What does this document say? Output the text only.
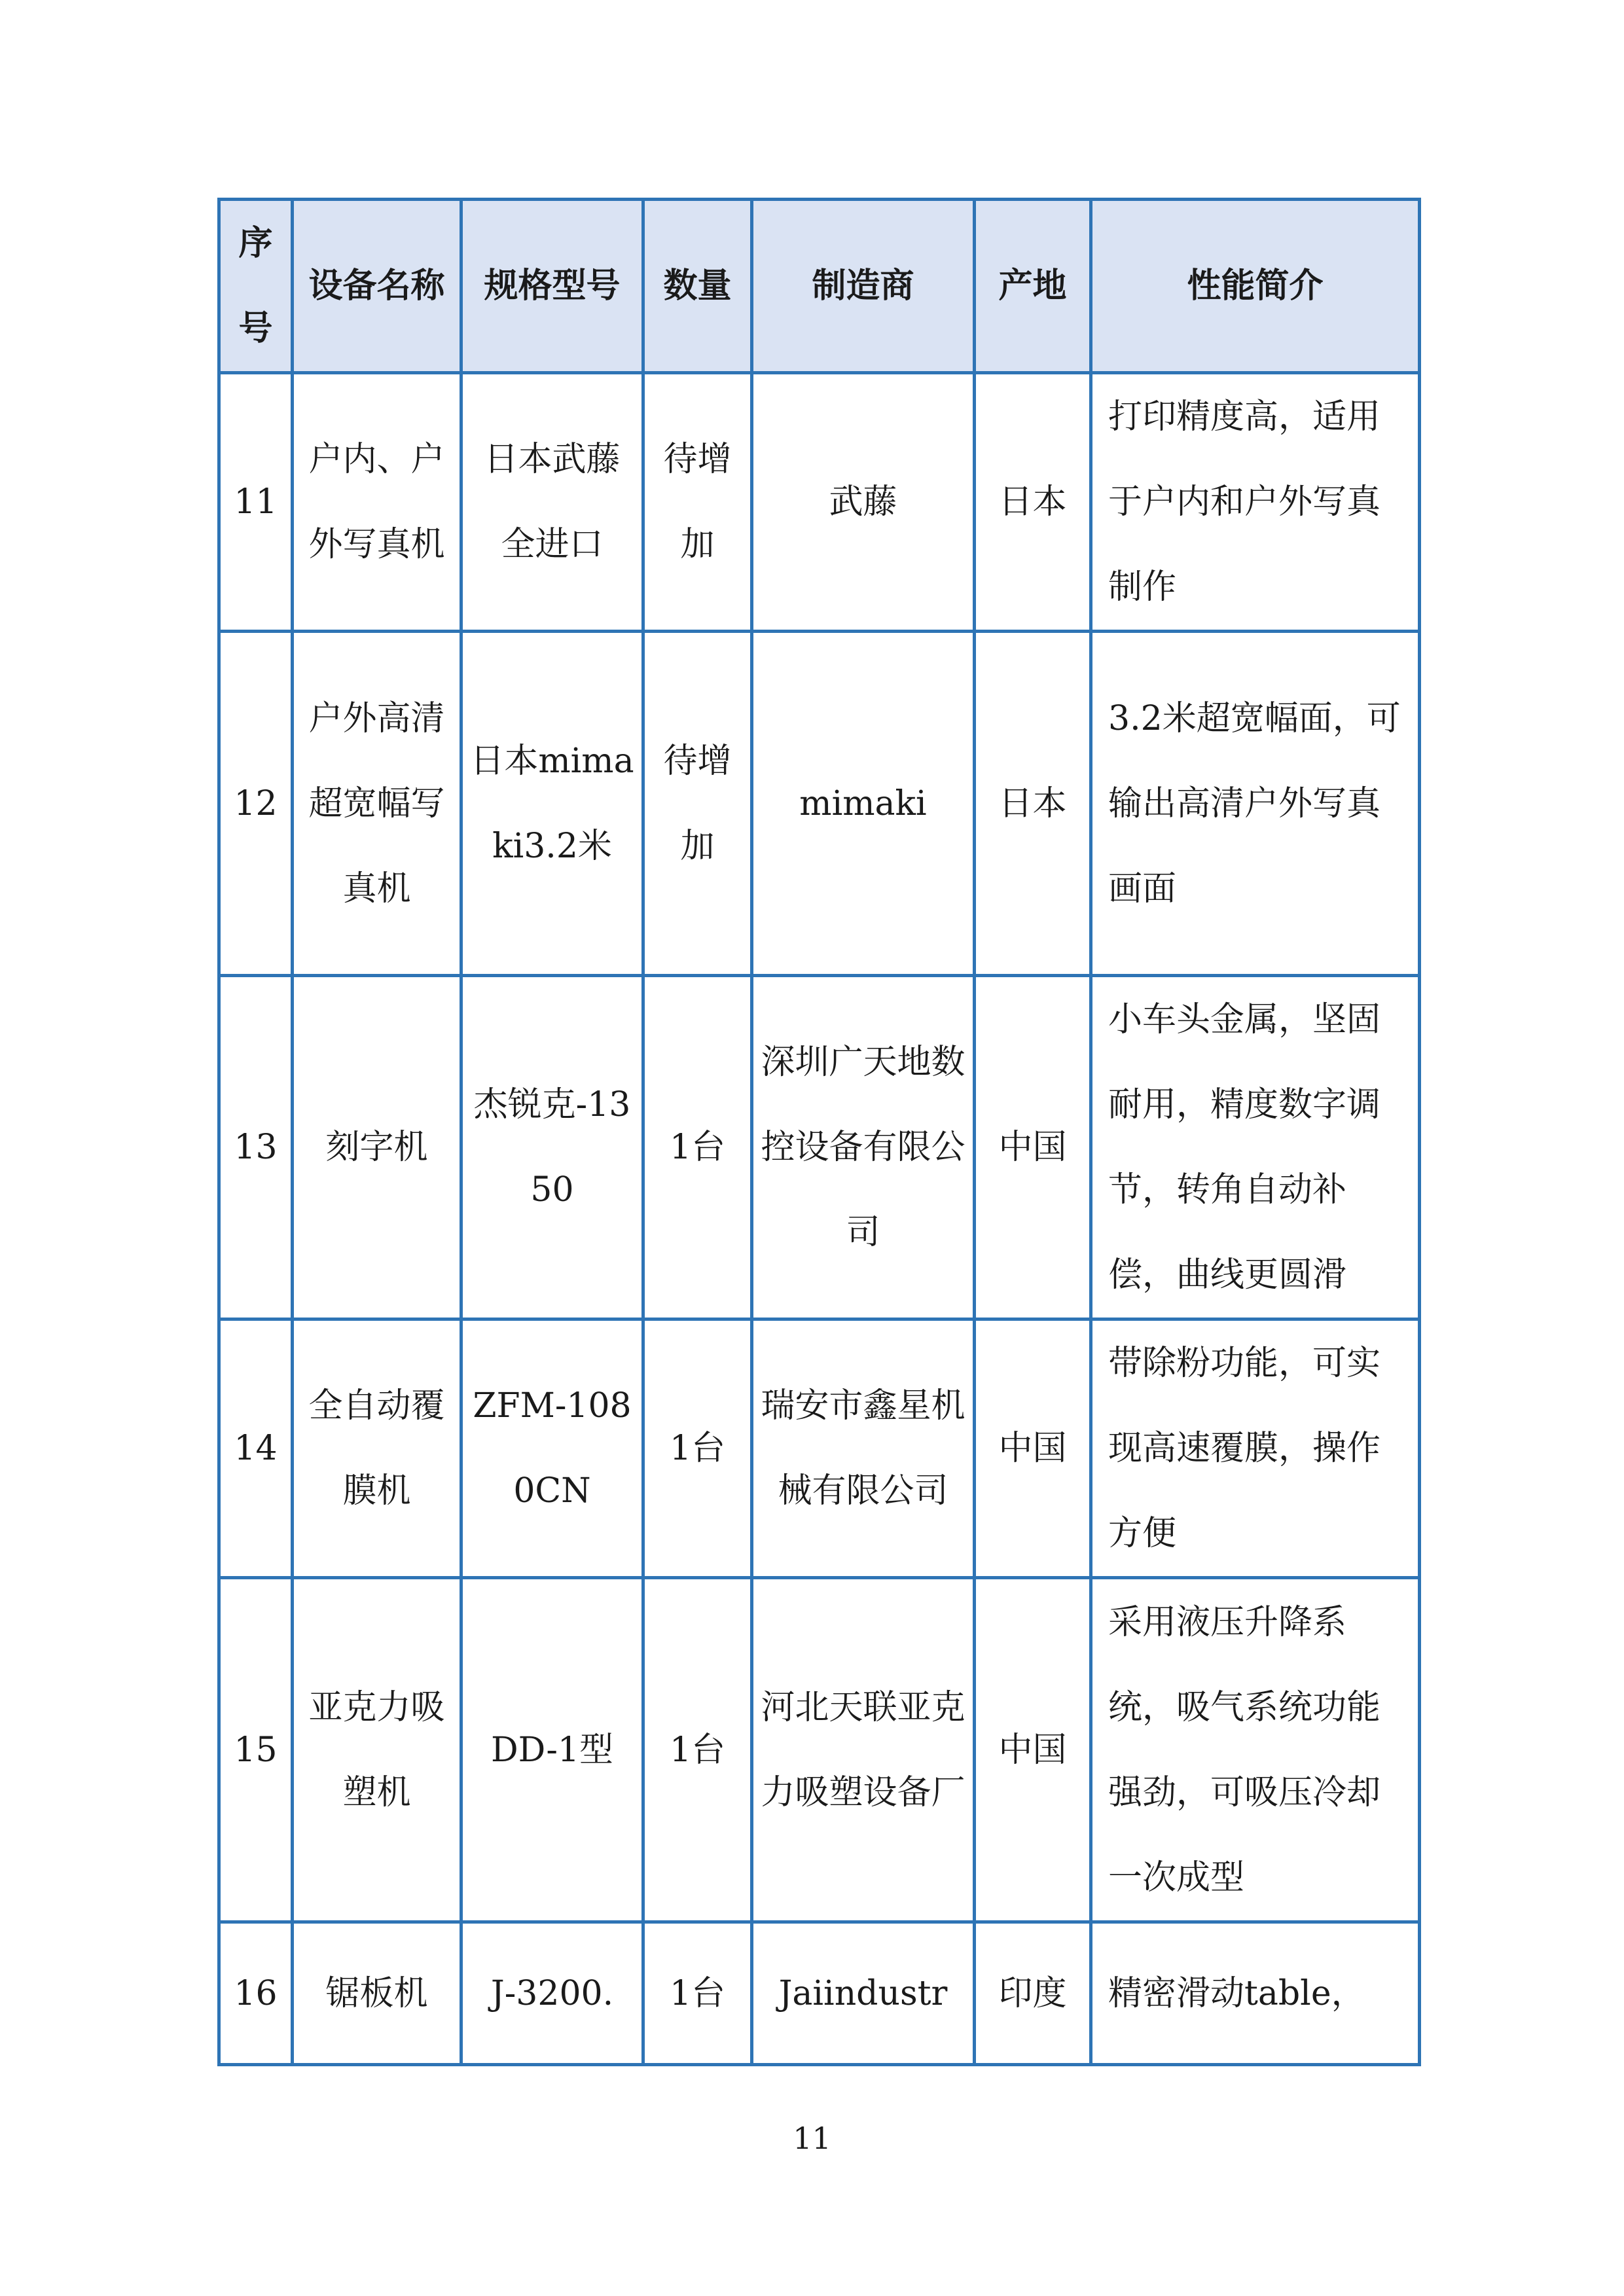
序号	设备名称	规格型号	数量	制造商	产地	性能简介
11	户内、户外写真机	日本武藤全进口	待增加	武藤	日本	打印精度高，适用于户内和户外写真制作
12	户外高清超宽幅写真机	日本mimaki3.2米	待增加	mimaki	日本	3.2米超宽幅面，可输出高清户外写真画面
13	刻字机	杰锐克-1350	1台	深圳广天地数控设备有限公司	中国	小车头金属，坚固耐用，精度数字调节，转角自动补偿，曲线更圆滑
14	全自动覆膜机	ZFM-1080CN	1台	瑞安市鑫星机械有限公司	中国	带除粉功能，可实现高速覆膜，操作方便
15	亚克力吸塑机	DD-1型	1台	河北天联亚克力吸塑设备厂	中国	采用液压升降系统，吸气系统功能强劲，可吸压冷却一次成型
16	锯板机	J-3200.	1台	Jaiindustr	印度	精密滑动table，
11
